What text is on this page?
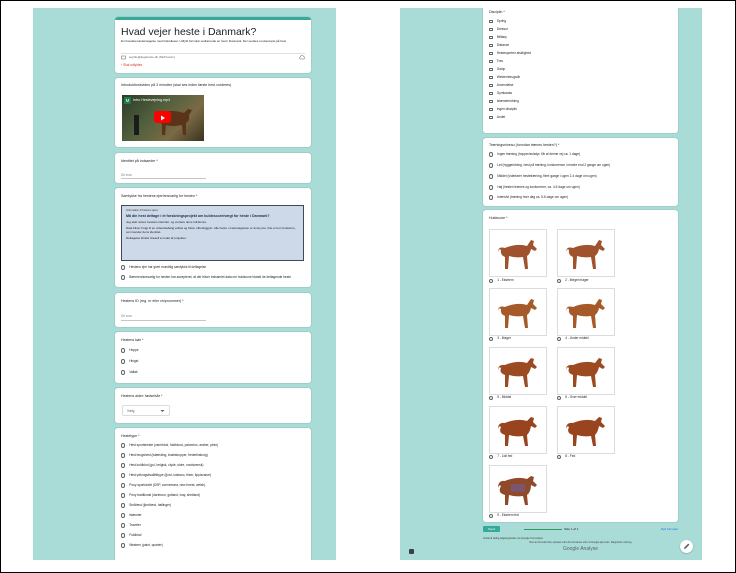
Hvad vejer heste i Danmark?
En ilmodeterundersøgelse med tidsrulleset. Udfyld formular vedrørende en hest i Danmark. Der sendes et eksempel på hest.
sophie@legeheste.dk (Skift konto)
* Skal udfyldes
Introduktionsvideo på 3 minutter (skal ses inden første hest vurderes)
M	Intro Hestevejning.mp4
Identitet på indsamler *
Dit svar
Samtykke fra hestens ejer/ansvarlig for hesten *
Information til hestens ejere:
Må din hest deltage i et forskningsprojekt om kuldescore/vægt for heste i Danmark?
Jeg skal notere hestens identitet, og vurdere dens huldscore.
Data bliver brugt til en videnskabelig artikel og bliver offentliggjort. Alle heste i undersøgelsen er anonyme. Det er kun forskerne, som kender dens identitet.
Deltagelse klinisk Utesell er ledet af projektet.
Hestens ejer har givet mundtlig samtykke til deltagelse
Bæreren/ansvarlig for hesten har accepteret, at der bliver indsamlet data om huldscore blandt de deltagende heste
Hestens ID (reg. nr eller chipnummer) *
Dit svar
Hestens køn *
Hoppe
Hingst
Vallak
Hestens alder: fødselsår *
Vælg
Hestetype *
Hest sportsheste (varmblod, fuldblood, palomino, araber, pinto)
Hest brugshest (islænding, knabstrupper, frederiksborg)
Hest koldblod (gul, belgisk, clyde, shire, nordsvensk)
Hest ydbrugskvalifiktype (fjord, lusitano, friser, lippizzaner)
Pony sport/avlet (DSP, connemara, new forest, welsh)
Pony traditional (dartmoor, gotland, ivay, shetland)
Småhest (fjordhest, haflinger)
Islænder
Traveler
Fuldblod
Western (paint, quarter)
Disciplin *
Spring
Dressur
Military
Distance
Hestesporten alsidighed
Trav
Galop
Westernbrugsdk
Anvendelse
Gymkanas
Islænderridning
Ingen disciplin
Andet
Træningsniveau (hvordan trænes hesten?) *
Ingen træning (hopper/avlsdyr, får af denne vej ca. 1 dage)
Let (hyggeridning, hest på træning, konkurrence i mindre end 2 gange om ugen)
Middel (vidertarer hestetræning, flere gange i ugen 2-4 dage om ugen)
Høj (hesten trænes og konkurrerer, ca. 4-5 dage om ugen)
Intensivt (træning hver dag ca. 5-6 dage om ugen)
Huldscore *
1 - Ekstrem	2 - Meget mager
3 - Mager	4 - Under middel
5 - Middel	6 - Over middel
7 - Lidt fed	8 - Fed
9 - Ekstrem fed
Send	Side 1 af 1	Ryd formular
Indsend aldrig adgangskoder via Google Formularer.
Denne formular blev oprettet uden for domænet eller af Google-tjenester. Rapportér misbrug
Google Analyse
